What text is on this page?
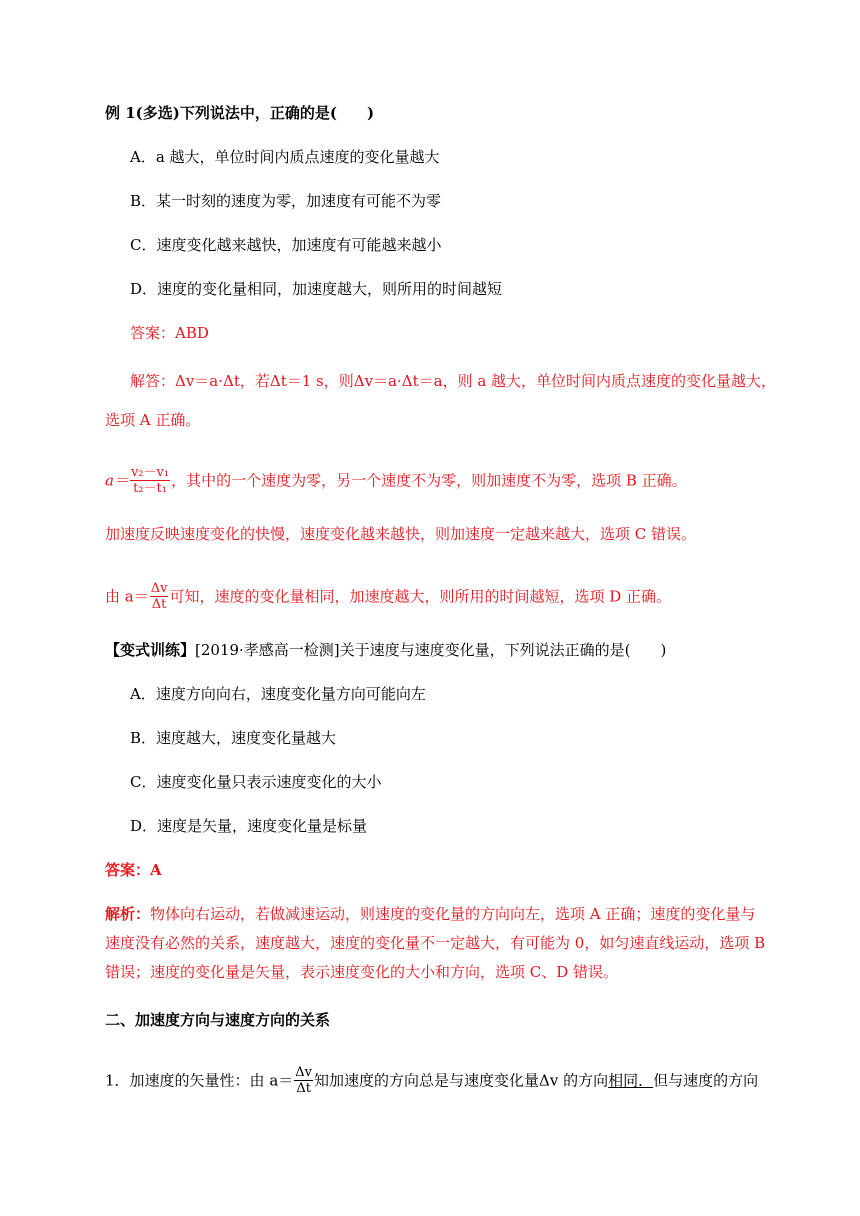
例 1(多选)下列说法中，正确的是(　　)
A．a 越大，单位时间内质点速度的变化量越大
B．某一时刻的速度为零，加速度有可能不为零
C．速度变化越来越快，加速度有可能越来越小
D．速度的变化量相同，加速度越大，则所用的时间越短
答案：ABD
解答：Δv＝a·Δt，若Δt＝1 s，则Δv＝a·Δt＝a，则 a 越大，单位时间内质点速度的变化量越大，
选项 A 正确。
$a= \frac{\text{v₂－v₁}}{\text{t₂－t₁}}$ ，其中的一个速度为零，另一个速度不为零，则加速度不为零，选项 B 正确。
加速度反映速度变化的快慢，速度变化越来越快，则加速度一定越来越大，选项 C 错误。
由 $a= \frac{\Delta v}{\Delta t}$ 可知，速度的变化量相同，加速度越大，则所用的时间越短，选项 D 正确。
【变式训练】[2019·孝感高一检测]关于速度与速度变化量，下列说法正确的是(　　)
A．速度方向向右，速度变化量方向可能向左
B．速度越大，速度变化量越大
C．速度变化量只表示速度变化的大小
D．速度是矢量，速度变化量是标量
答案：A
解析：物体向右运动，若做减速运动，则速度的变化量的方向向左，选项 A 正确；速度的变化量与
速度没有必然的关系，速度越大，速度的变化量不一定越大，有可能为 0，如匀速直线运动，选项 B
错误；速度的变化量是矢量，表示速度变化的大小和方向，选项 C、D 错误。
二、加速度方向与速度方向的关系
1．加速度的矢量性：由 $a= \frac{\Delta v}{\Delta t}$ 知加速度的方向总是与速度变化量Δv 的方向相同．但与速度的方向
